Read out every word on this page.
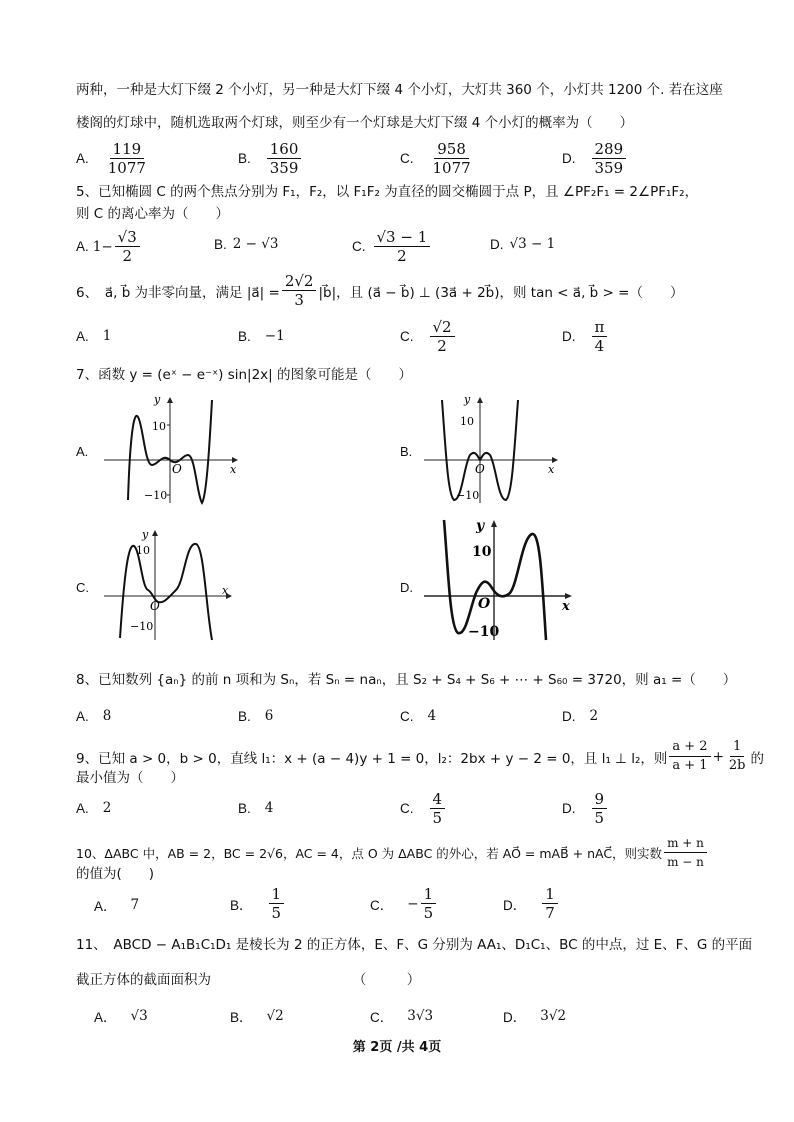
两种，一种是大灯下缀 2 个小灯，另一种是大灯下缀 4 个小灯，大灯共 360 个，小灯共 1200 个. 若在这座
楼阁的灯球中，随机选取两个灯球，则至少有一个灯球是大灯下缀 4 个小灯的概率为（　　）
A. $\frac{119}{1077}$	B. $\frac{160}{359}$	C. $\frac{958}{1077}$	D. $\frac{289}{359}$
5、已知椭圆 C 的两个焦点分别为 F₁，F₂，以 F₁F₂ 为直径的圆交椭圆于点 P，且 ∠PF₂F₁ = 2∠PF₁F₂，
则 C 的离心率为（　　）
A. $1- \frac{√3}{2}$	B. 2 − √3	C. $\frac{√3 - 1}{2}$	D. √3 − 1
6、　a⃗, b⃗ 为非零向量，满足 |a⃗| = $\frac{2√2}{3}$ |b⃗|，且 (a⃗ − b⃗) ⊥ (3a⃗ + 2b⃗)，则 tan < a⃗, b⃗ > =（　　）
A. 1	B. −1	C. $\frac{√2}{2}$	D. $\frac{\pi}{4}$
7、函数 y = (eˣ − e⁻ˣ) sin|2x| 的图象可能是（　　）
A.
y
x
O
10
−10
B.
y
x
O
10
−10
C.
y
x
O
10
−10
D.
y
x
O
10
−10
8、已知数列 {aₙ} 的前 n 项和为 Sₙ，若 Sₙ = naₙ，且 S₂ + S₄ + S₆ + ⋯ + S₆₀ = 3720，则 a₁ =（　　）
A. 8	B. 6	C. 4	D. 2
9、已知 a > 0，b > 0，直线 l₁：x + (a − 4)y + 1 = 0，l₂：2bx + y − 2 = 0，且 l₁ ⊥ l₂，则 $\frac{a + 2}{a + 1} + \frac{1}{2b}$ 的
最小值为（　　）
A. 2	B. 4	C. $\frac{4}{5}$	D. $\frac{9}{5}$
10、ΔABC 中，AB = 2，BC = 2√6，AC = 4，点 O 为 ΔABC 的外心，若 AO⃗ = mAB⃗ + nAC⃗，则实数 $\frac{m + n}{m - n}$
的值为(　　)
A． 7	B． $\frac{1}{5}$	C． − $\frac{1}{5}$	D． $\frac{1}{7}$
11、　ABCD − A₁B₁C₁D₁ 是棱长为 2 的正方体，E、F、G 分别为 AA₁、D₁C₁、BC 的中点，过 E、F、G 的平面
截正方体的截面面积为　　　　　　　　　　　（　　　）
A． √3	B． √2	C． 3√3	D． 3√2
第 2页 /共 4页
